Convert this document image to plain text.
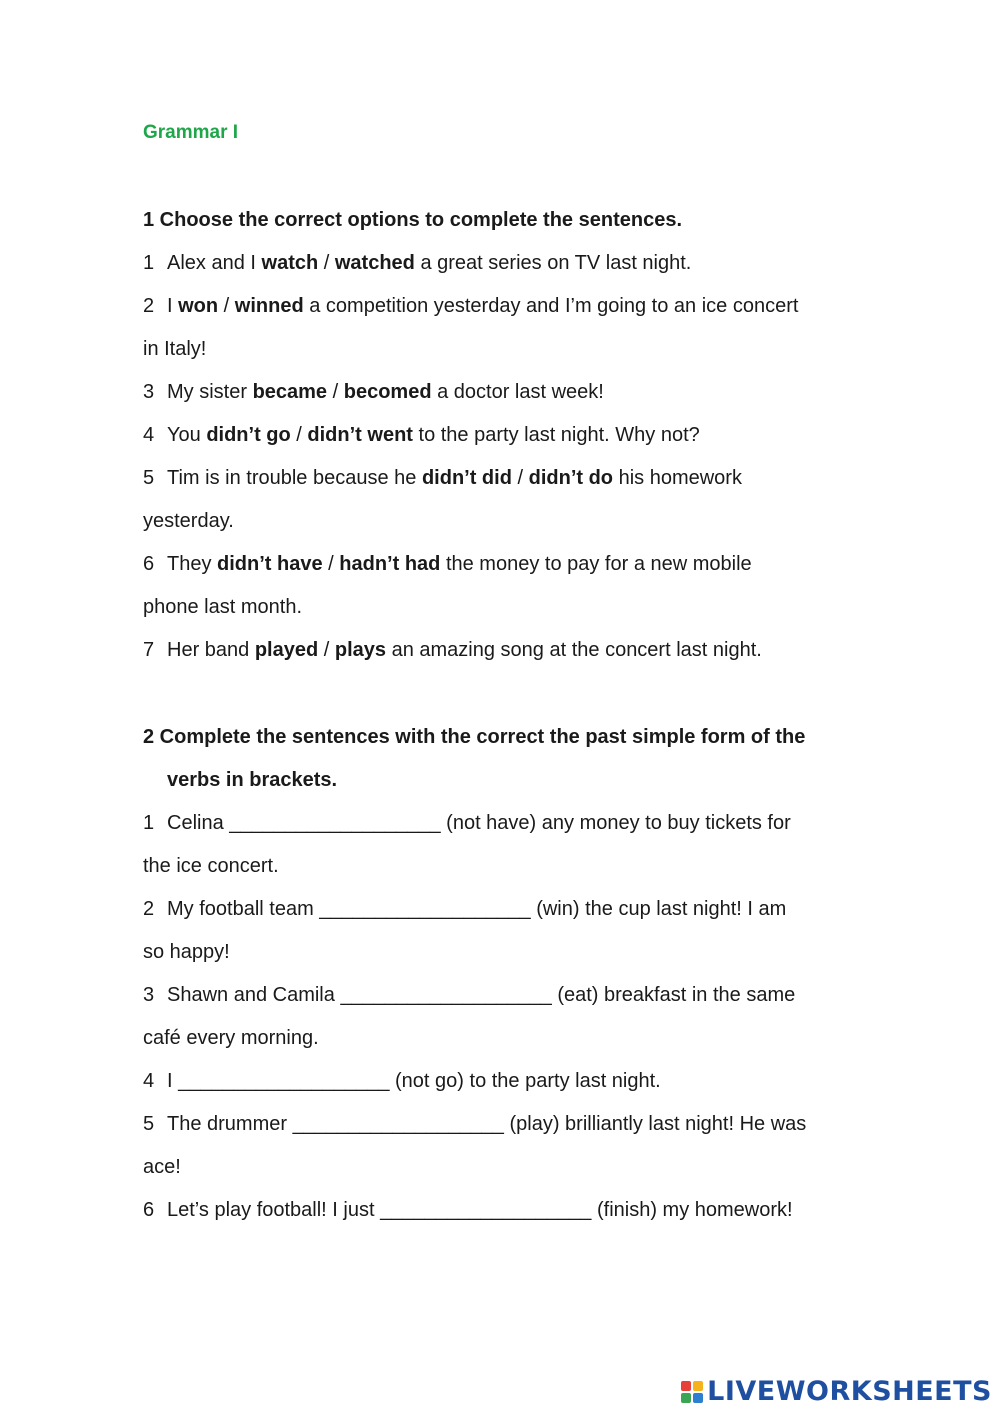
Grammar I
1 Choose the correct options to complete the sentences.
1 Alex and I watch / watched a great series on TV last night.
2 I won / winned a competition yesterday and I’m going to an ice concert
in Italy!
3 My sister became / becomed a doctor last week!
4 You didn’t go / didn’t went to the party last night. Why not?
5 Tim is in trouble because he didn’t did / didn’t do his homework
yesterday.
6 They didn’t have / hadn’t had the money to pay for a new mobile
phone last month.
7 Her band played / plays an amazing song at the concert last night.
2 Complete the sentences with the correct the past simple form of the
verbs in brackets.
1 Celina ___________________ (not have) any money to buy tickets for
the ice concert.
2 My football team ___________________ (win) the cup last night! I am
so happy!
3 Shawn and Camila ___________________ (eat) breakfast in the same
café every morning.
4 I ___________________ (not go) to the party last night.
5 The drummer ___________________ (play) brilliantly last night! He was
ace!
6 Let’s play football! I just ___________________ (finish) my homework!
LIVEWORKSHEETS
